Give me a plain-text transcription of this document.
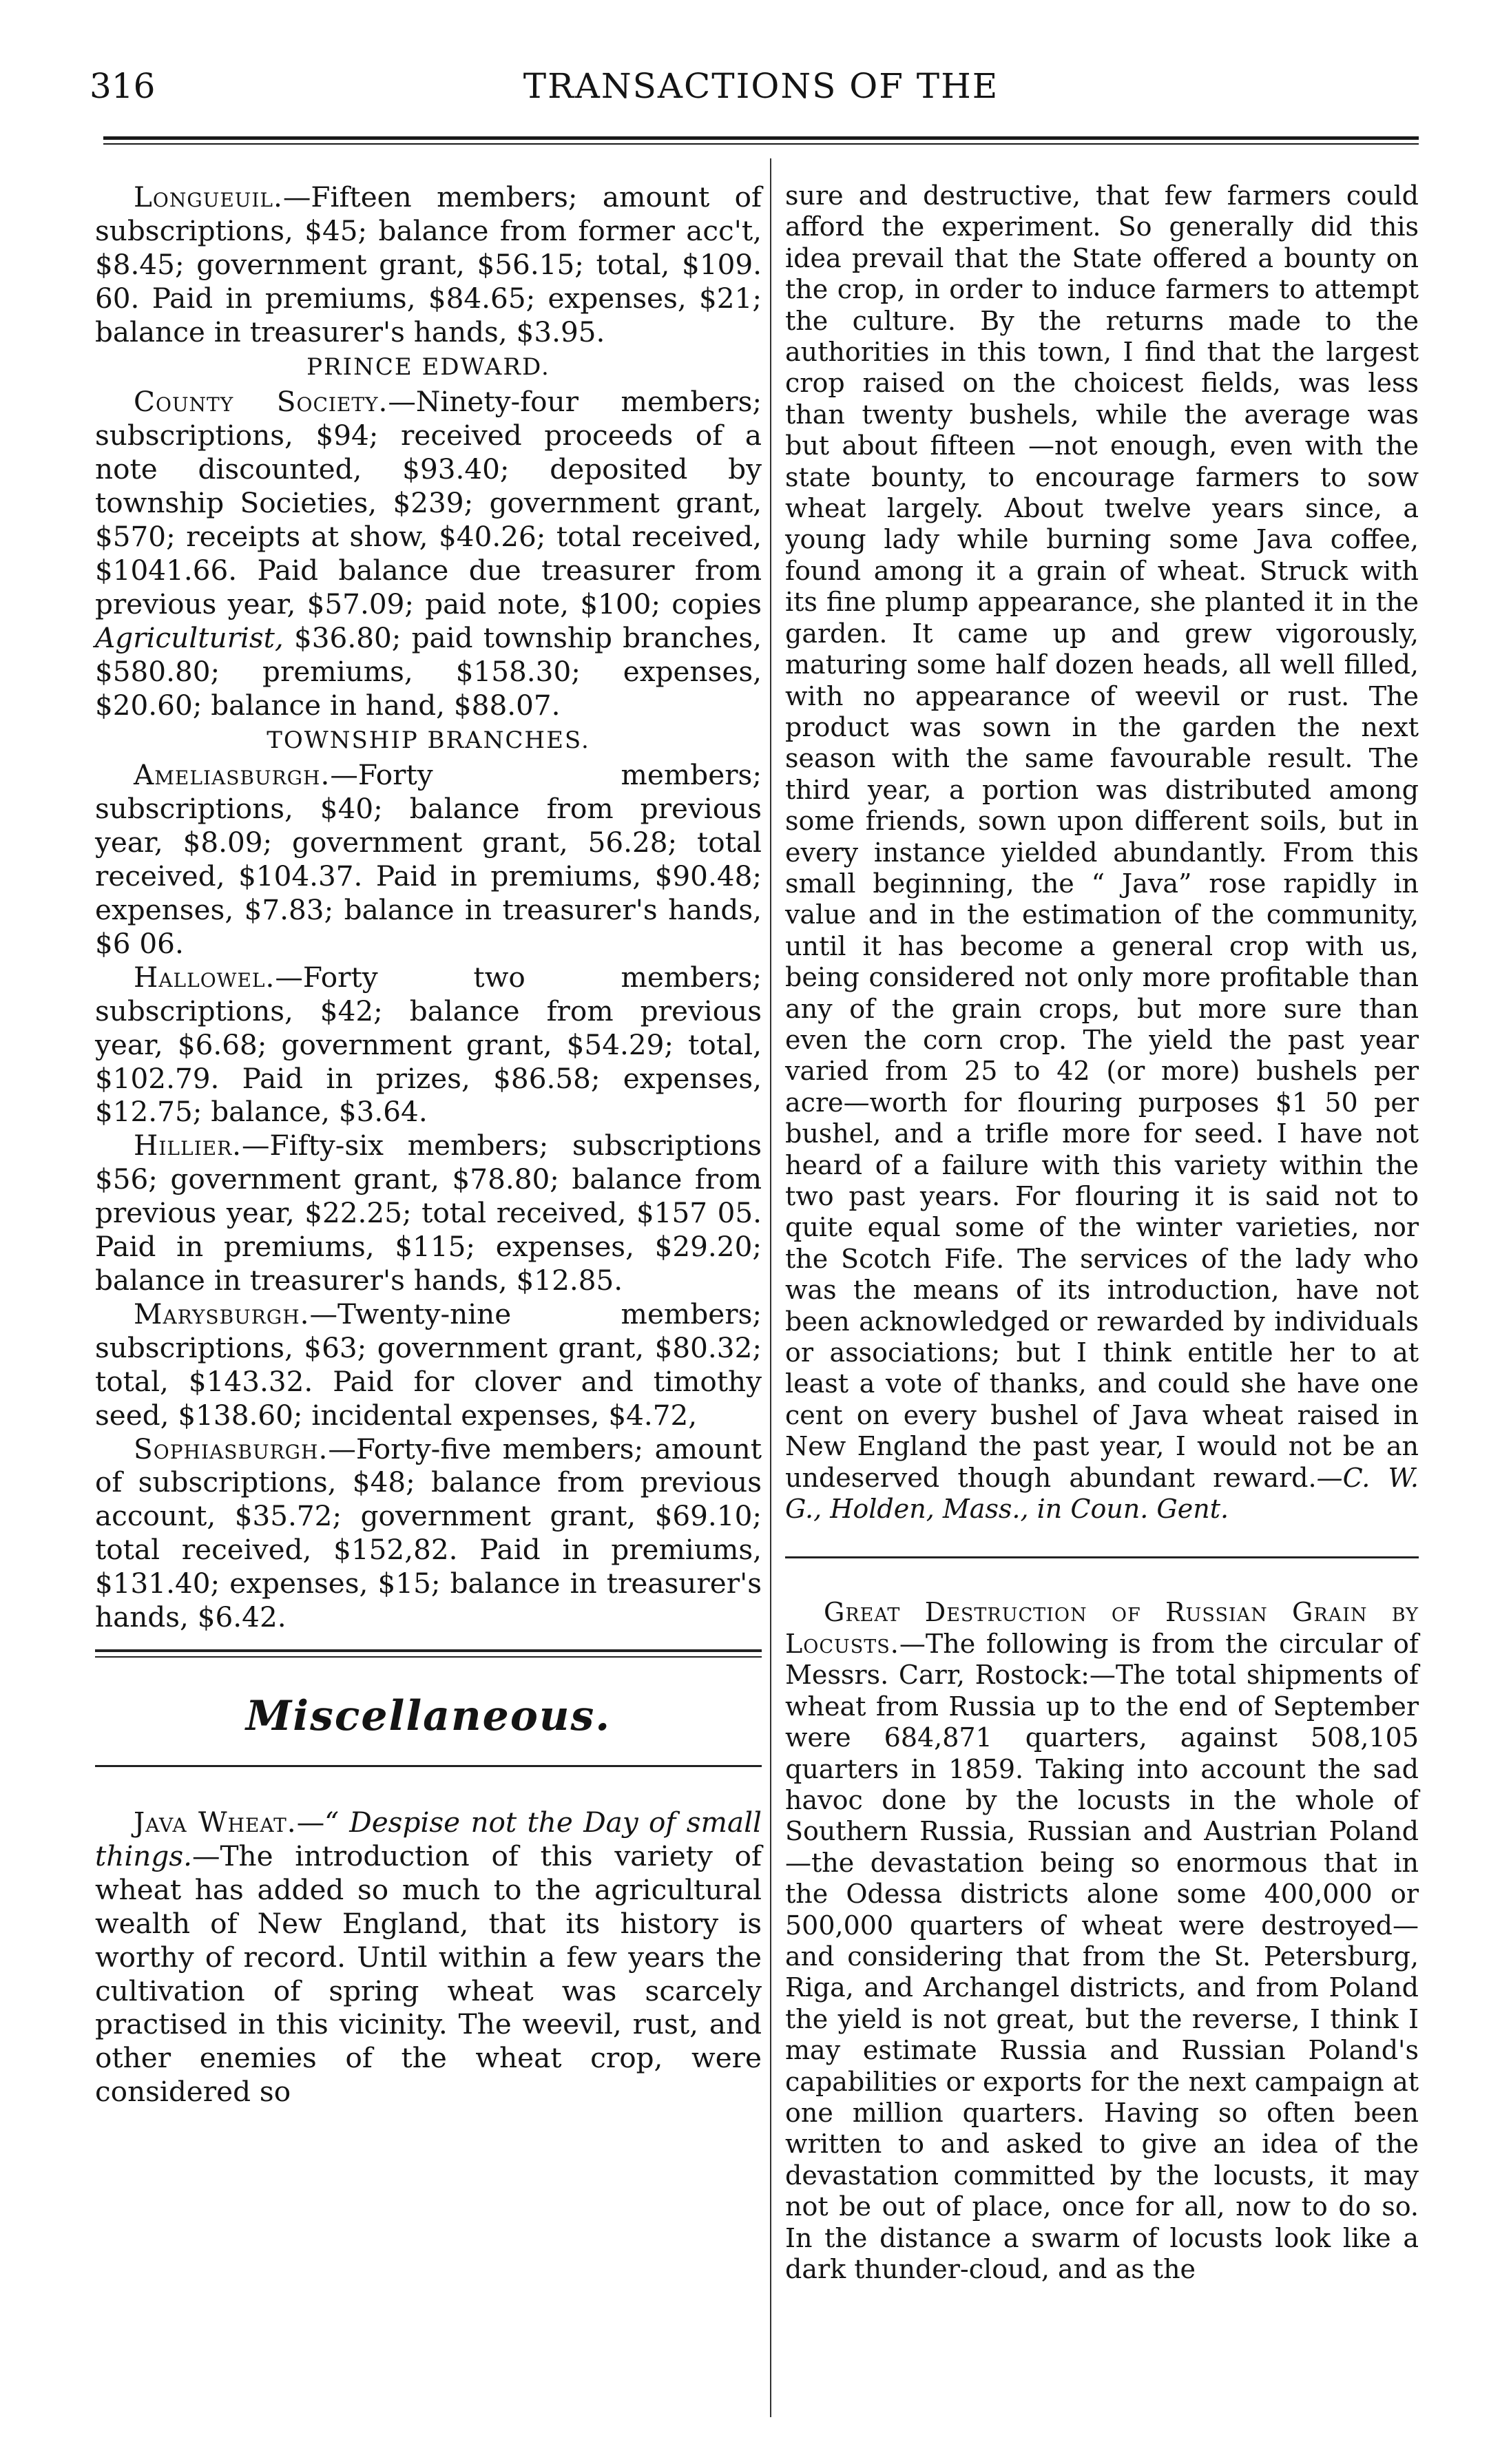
316	TRANSACTIONS OF THE

Longueuil.—Fifteen members; amount of subscriptions, $45; balance from former acc't, $8.45; government grant, $56.15; total, $109. 60. Paid in premiums, $84.65; expenses, $21; balance in treasurer's hands, $3.95.

PRINCE EDWARD.

County Society.—Ninety-four members; subscriptions, $94; received proceeds of a note discounted, $93.40; deposited by township Societies, $239; government grant, $570; receipts at show, $40.26; total received, $1041.66. Paid balance due treasurer from previous year, $57.09; paid note, $100; copies Agriculturist, $36.80; paid township branches, $580.80; premiums, $158.30; expenses, $20.60; balance in hand, $88.07.

TOWNSHIP BRANCHES.

Ameliasburgh.—Forty members; subscriptions, $40; balance from previous year, $8.09; government grant, 56.28; total received, $104.37. Paid in premiums, $90.48; expenses, $7.83; balance in treasurer's hands, $6 06.

Hallowel.—Forty two members; subscriptions, $42; balance from previous year, $6.68; government grant, $54.29; total, $102.79. Paid in prizes, $86.58; expenses, $12.75; balance, $3.64.

Hillier.—Fifty-six members; subscriptions $56; government grant, $78.80; balance from previous year, $22.25; total received, $157 05. Paid in premiums, $115; expenses, $29.20; balance in treasurer's hands, $12.85.

Marysburgh.—Twenty-nine members; subscriptions, $63; government grant, $80.32; total, $143.32. Paid for clover and timothy seed, $138.60; incidental expenses, $4.72,

Sophiasburgh.—Forty-five members; amount of subscriptions, $48; balance from previous account, $35.72; government grant, $69.10; total received, $152,82. Paid in premiums, $131.40; expenses, $15; balance in treasurer's hands, $6.42.

Miscellaneous.

Java Wheat.—“ Despise not the Day of small things.—The introduction of this variety of wheat has added so much to the agricultural wealth of New England, that its history is worthy of record. Until within a few years the cultivation of spring wheat was scarcely practised in this vicinity. The weevil, rust, and other enemies of the wheat crop, were considered so

sure and destructive, that few farmers could afford the experiment. So generally did this idea prevail that the State offered a bounty on the crop, in order to induce farmers to attempt the culture. By the returns made to the authorities in this town, I find that the largest crop raised on the choicest fields, was less than twenty bushels, while the average was but about fifteen —not enough, even with the state bounty, to encourage farmers to sow wheat largely. About twelve years since, a young lady while burning some Java coffee, found among it a grain of wheat. Struck with its fine plump appearance, she planted it in the garden. It came up and grew vigorously, maturing some half dozen heads, all well filled, with no appearance of weevil or rust. The product was sown in the garden the next season with the same favourable result. The third year, a portion was distributed among some friends, sown upon different soils, but in every instance yielded abundantly. From this small beginning, the “ Java” rose rapidly in value and in the estimation of the community, until it has become a general crop with us, being considered not only more profitable than any of the grain crops, but more sure than even the corn crop. The yield the past year varied from 25 to 42 (or more) bushels per acre—worth for flouring purposes $1 50 per bushel, and a trifle more for seed. I have not heard of a failure with this variety within the two past years. For flouring it is said not to quite equal some of the winter varieties, nor the Scotch Fife. The services of the lady who was the means of its introduction, have not been acknowledged or rewarded by individuals or associations; but I think entitle her to at least a vote of thanks, and could she have one cent on every bushel of Java wheat raised in New England the past year, I would not be an undeserved though abundant reward.—C. W. G., Holden, Mass., in Coun. Gent.

Great Destruction of Russian Grain by Locusts.—The following is from the circular of Messrs. Carr, Rostock:—The total shipments of wheat from Russia up to the end of September were 684,871 quarters, against 508,105 quarters in 1859. Taking into account the sad havoc done by the locusts in the whole of Southern Russia, Russian and Austrian Poland—the devastation being so enormous that in the Odessa districts alone some 400,000 or 500,000 quarters of wheat were destroyed—and considering that from the St. Petersburg, Riga, and Archangel districts, and from Poland the yield is not great, but the reverse, I think I may estimate Russia and Russian Poland's capabilities or exports for the next campaign at one million quarters. Having so often been written to and asked to give an idea of the devastation committed by the locusts, it may not be out of place, once for all, now to do so. In the distance a swarm of locusts look like a dark thunder-cloud, and as the
